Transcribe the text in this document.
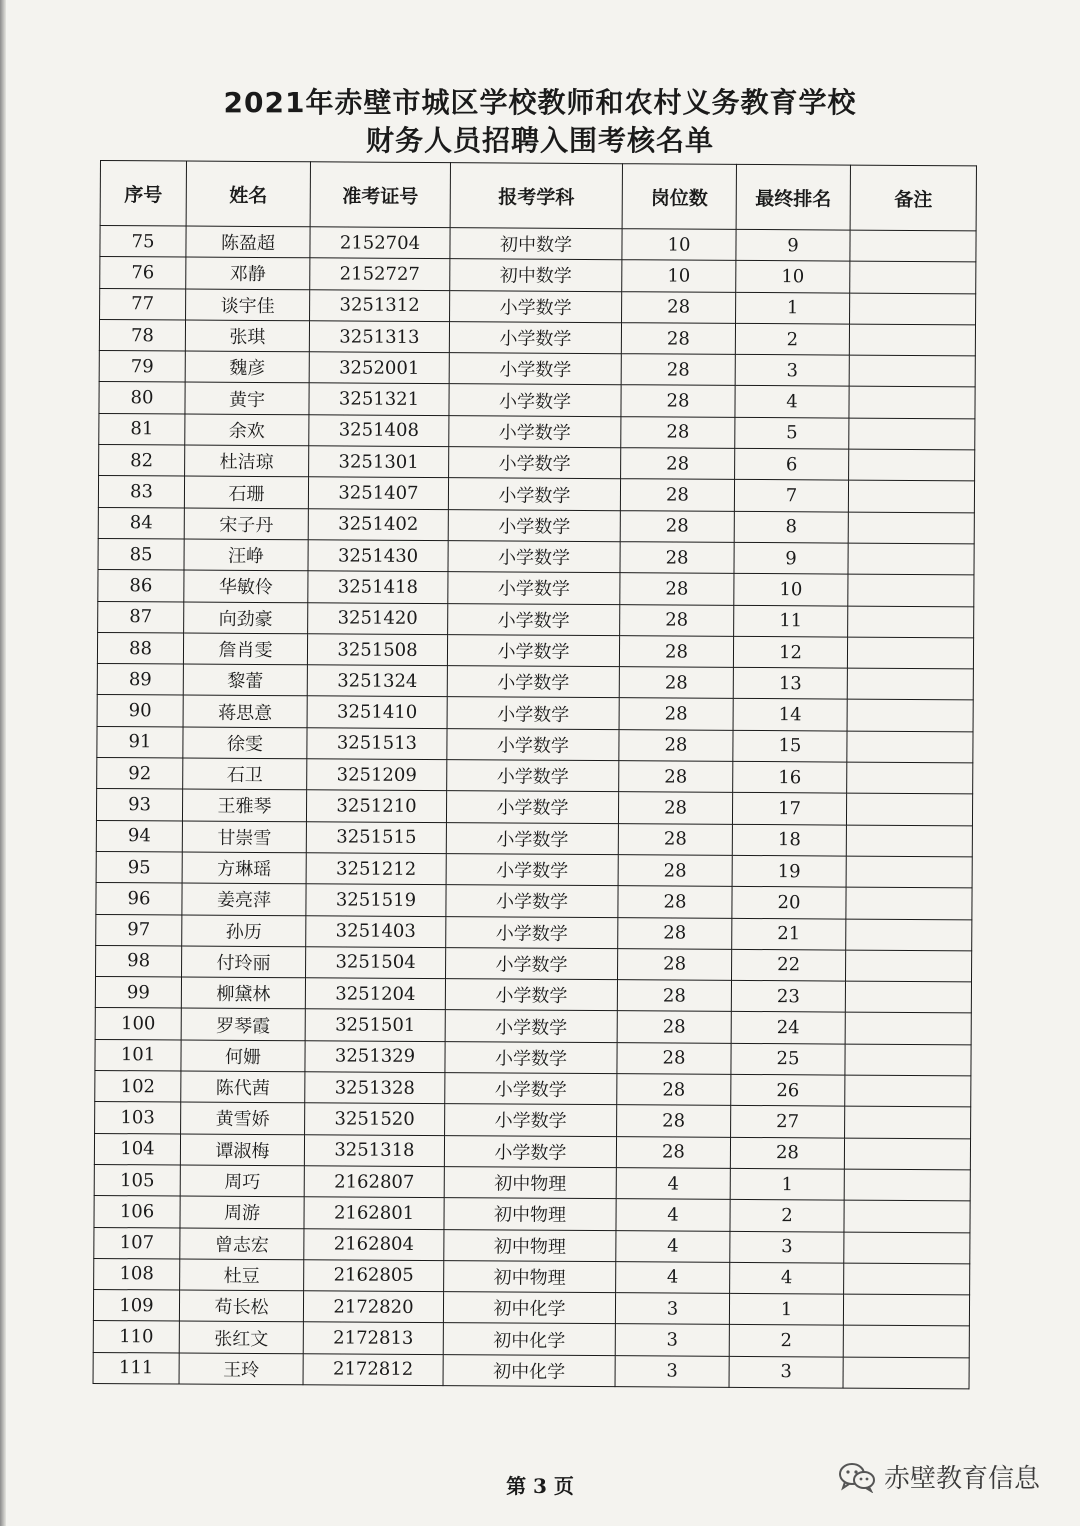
2021年赤壁市城区学校教师和农村义务教育学校
财务人员招聘入围考核名单
序号	姓名	准考证号	报考学科	岗位数	最终排名	备注
75	陈盈超	2152704	初中数学	10	9	
76	邓静	2152727	初中数学	10	10	
77	谈宇佳	3251312	小学数学	28	1	
78	张琪	3251313	小学数学	28	2	
79	魏彦	3252001	小学数学	28	3	
80	黄宇	3251321	小学数学	28	4	
81	余欢	3251408	小学数学	28	5	
82	杜洁琼	3251301	小学数学	28	6	
83	石珊	3251407	小学数学	28	7	
84	宋子丹	3251402	小学数学	28	8	
85	汪峥	3251430	小学数学	28	9	
86	华敏伶	3251418	小学数学	28	10	
87	向劲豪	3251420	小学数学	28	11	
88	詹肖雯	3251508	小学数学	28	12	
89	黎蕾	3251324	小学数学	28	13	
90	蒋思意	3251410	小学数学	28	14	
91	徐雯	3251513	小学数学	28	15	
92	石卫	3251209	小学数学	28	16	
93	王雅琴	3251210	小学数学	28	17	
94	甘崇雪	3251515	小学数学	28	18	
95	方琳瑶	3251212	小学数学	28	19	
96	姜亮萍	3251519	小学数学	28	20	
97	孙历	3251403	小学数学	28	21	
98	付玲丽	3251504	小学数学	28	22	
99	柳黛林	3251204	小学数学	28	23	
100	罗琴霞	3251501	小学数学	28	24	
101	何姗	3251329	小学数学	28	25	
102	陈代茜	3251328	小学数学	28	26	
103	黄雪娇	3251520	小学数学	28	27	
104	谭淑梅	3251318	小学数学	28	28	
105	周巧	2162807	初中物理	4	1	
106	周游	2162801	初中物理	4	2	
107	曾志宏	2162804	初中物理	4	3	
108	杜豆	2162805	初中物理	4	4	
109	苟长松	2172820	初中化学	3	1	
110	张红文	2172813	初中化学	3	2	
111	王玲	2172812	初中化学	3	3	
第 3 页	赤壁教育信息
